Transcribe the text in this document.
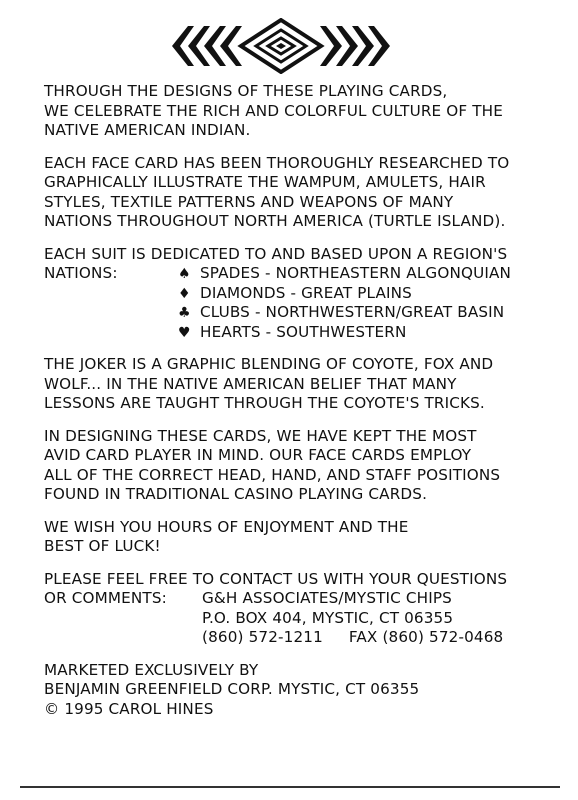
THROUGH THE DESIGNS OF THESE PLAYING CARDS,
WE CELEBRATE THE RICH AND COLORFUL CULTURE OF THE
NATIVE AMERICAN INDIAN.

EACH FACE CARD HAS BEEN THOROUGHLY RESEARCHED TO
GRAPHICALLY ILLUSTRATE THE WAMPUM, AMULETS, HAIR
STYLES, TEXTILE PATTERNS AND WEAPONS OF MANY
NATIONS THROUGHOUT NORTH AMERICA (TURTLE ISLAND).

EACH SUIT IS DEDICATED TO AND BASED UPON A REGION'S

NATIONS:	♠ SPADES - NORTHEASTERN ALGONQUIAN
♦ DIAMONDS - GREAT PLAINS
♣ CLUBS - NORTHWESTERN/GREAT BASIN
♥ HEARTS - SOUTHWESTERN

THE JOKER IS A GRAPHIC BLENDING OF COYOTE, FOX AND
WOLF... IN THE NATIVE AMERICAN BELIEF THAT MANY
LESSONS ARE TAUGHT THROUGH THE COYOTE'S TRICKS.

IN DESIGNING THESE CARDS, WE HAVE KEPT THE MOST
AVID CARD PLAYER IN MIND. OUR FACE CARDS EMPLOY
ALL OF THE CORRECT HEAD, HAND, AND STAFF POSITIONS
FOUND IN TRADITIONAL CASINO PLAYING CARDS.

WE WISH YOU HOURS OF ENJOYMENT AND THE
BEST OF LUCK!

PLEASE FEEL FREE TO CONTACT US WITH YOUR QUESTIONS
OR COMMENTS: G&H ASSOCIATES/MYSTIC CHIPS
P.O. BOX 404, MYSTIC, CT 06355
(860) 572-1211 FAX (860) 572-0468
MARKETED EXCLUSIVELY BY
BENJAMIN GREENFIELD CORP. MYSTIC, CT 06355
© 1995 CAROL HINES
